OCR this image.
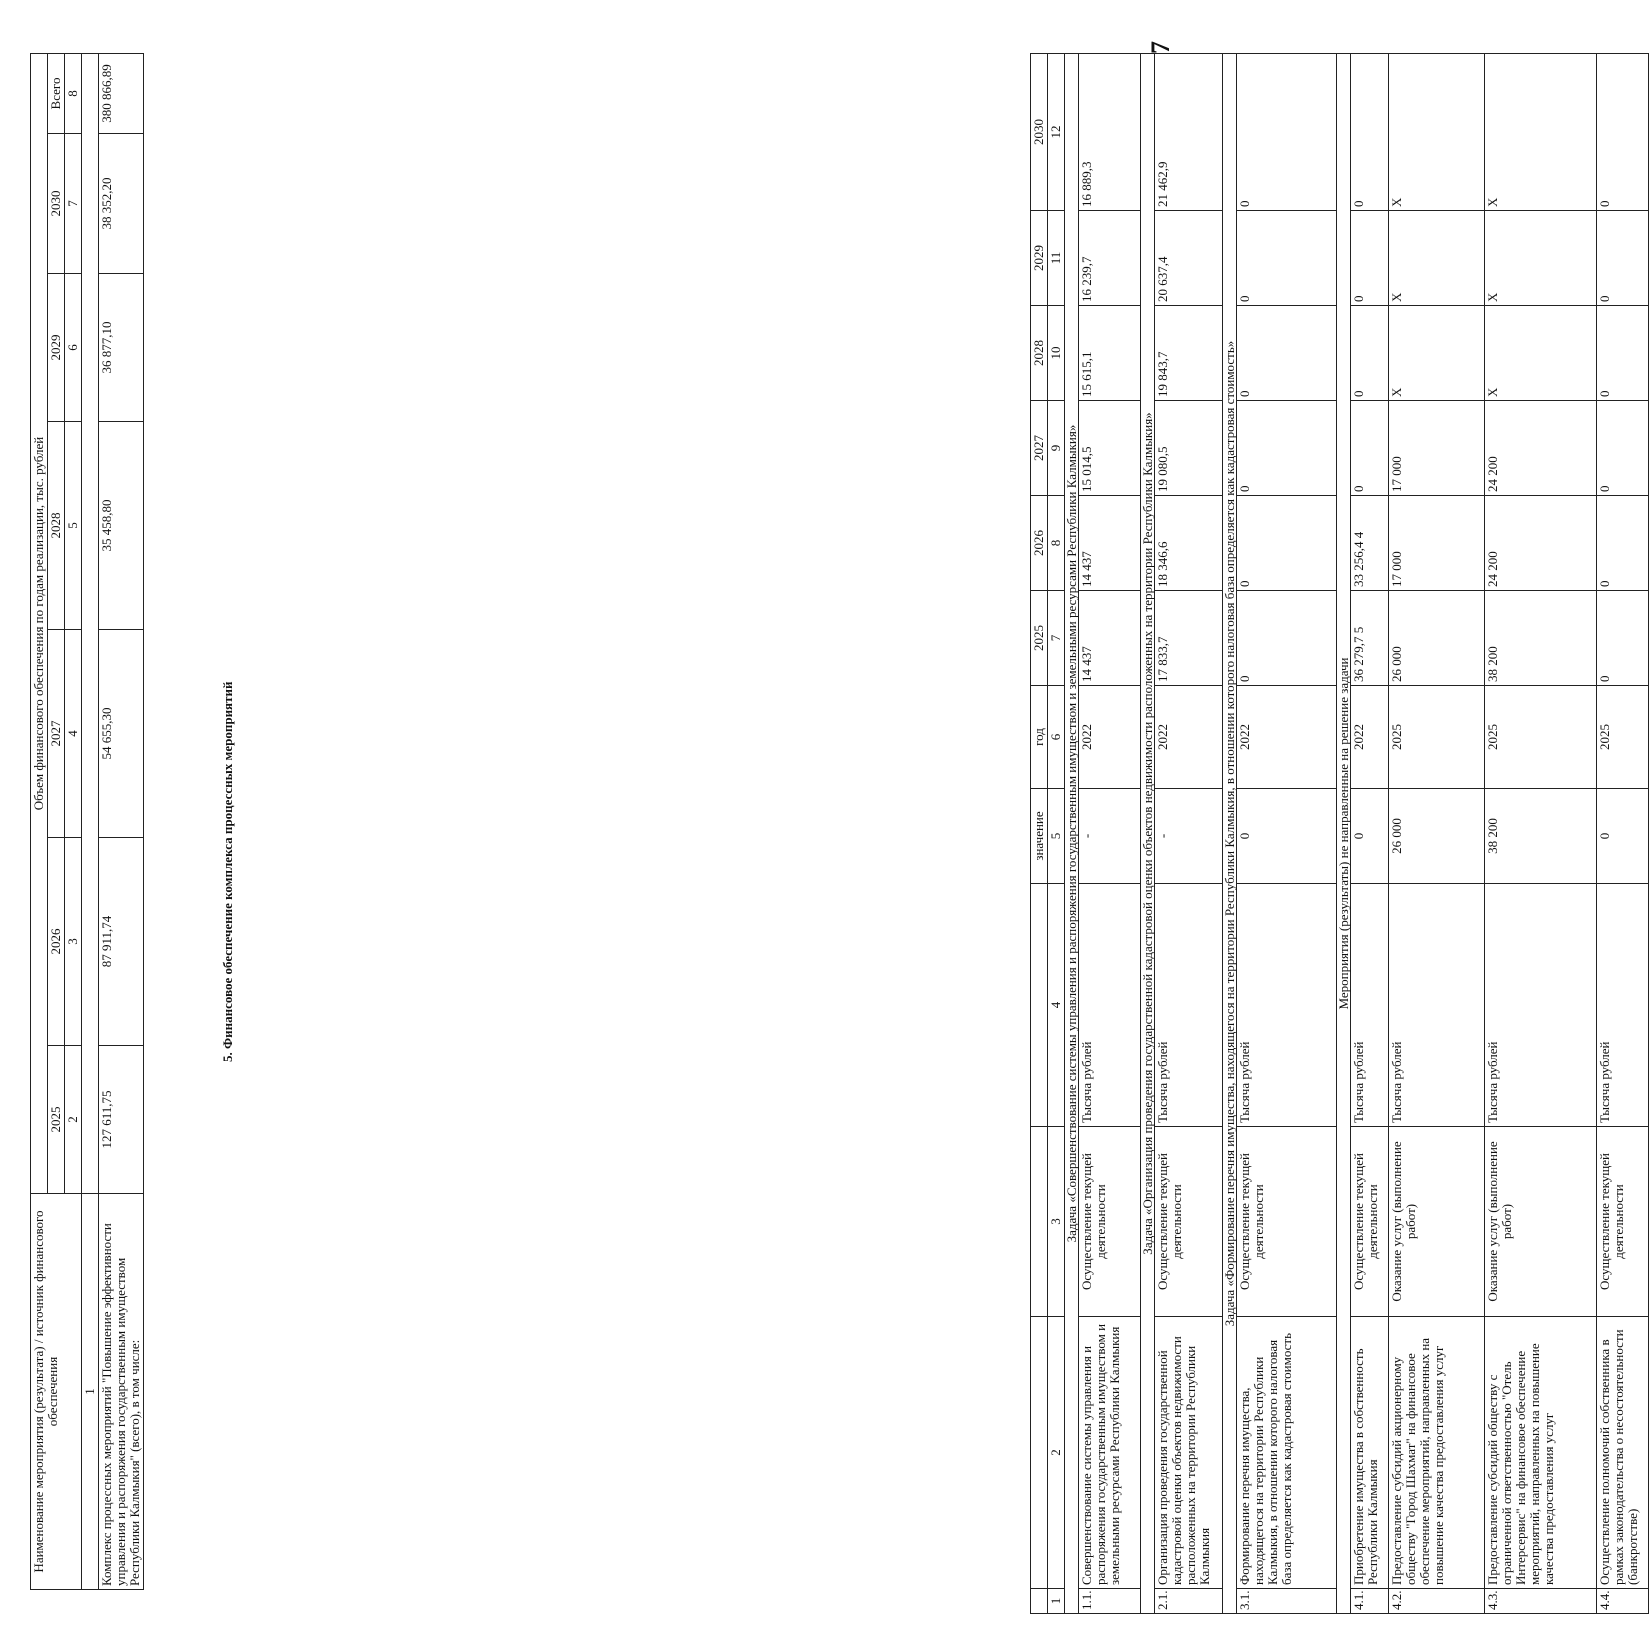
7
				значение	год	2025	2026	2027	2028	2029	2030
1	2	3	4	5	6	7	8	9	10	11	12
Задача «Совершенствование системы управления и распоряжения государственным имуществом и земельными ресурсами Республики Калмыкия»											
1.1.	Совершенствование системы управления и распоряжения государственным имуществом и земельными ресурсами Республики Калмыкия	Осуществление текущей деятельности	Тысяча рублей	-	2022	14 437	14 437	15 014,5	15 615,1	16 239,7	16 889,3
Задача «Организация проведения государственной кадастровой оценки объектов недвижимости расположенных на территории Республики Калмыкия»											
2.1.	Организация проведения государственной кадастровой оценки объектов недвижимости расположенных на территории Республики Калмыкия	Осуществление текущей деятельности	Тысяча рублей	-	2022	17 833,7	18 346,6	19 080,5	19 843,7	20 637,4	21 462,9
Задача «Формирование перечня имущества, находящегося на территории Республики Калмыкия, в отношении которого налоговая база определяется как кадастровая стоимость»											
3.1.	Формирование перечня имущества, находящегося на территории Республики Калмыкия, в отношении которого налоговая база определяется как кадастровая стоимость	Осуществление текущей деятельности	Тысяча рублей	0	2022	0	0	0	0	0	0
Мероприятия (результаты) не направленные на решение задачи											
4.1.	Приобретение имущества в собственность Республики Калмыкия	Осуществление текущей деятельности	Тысяча рублей	0	2022	36 279,7 5	33 256,4 4	0	0	0	0
4.2.	Предоставление субсидий акционерному обществу "Город Шахмат" на финансовое обеспечение мероприятий, направленных на повышение качества предоставления услуг	Оказание услуг (выполнение работ)	Тысяча рублей	26 000	2025	26 000	17 000	17 000	X	X	X
4.3.	Предоставление субсидий обществу с ограниченной ответственностью "Отель Интерсервис" на финансовое обеспечение мероприятий, направленных на повышение качества предоставления услуг	Оказание услуг (выполнение работ)	Тысяча рублей	38 200	2025	38 200	24 200	24 200	X	X	X
4.4.	Осуществление полномочий собственника в рамках законодательства о несостоятельности (банкротстве)	Осуществление текущей деятельности	Тысяча рублей	0	2025	0	0	0	0	0	0
5. Финансовое обеспечение комплекса процессных мероприятий
Наименование мероприятия (результата) / источник финансового обеспечения	Объем финансового обеспечения по годам реализации, тыс. рублей						
	2025	2026	2027	2028	2029	2030	Всего
	2	3	4	5	6	7	8
1							
Комплекс процессных мероприятий "Повышение эффективности управления и распоряжения государственным имуществом Республики Калмыкия" (всего), в том числе:	127 611,75	87 911,74	54 655,30	35 458,80	36 877,10	38 352,20	380 866,89
